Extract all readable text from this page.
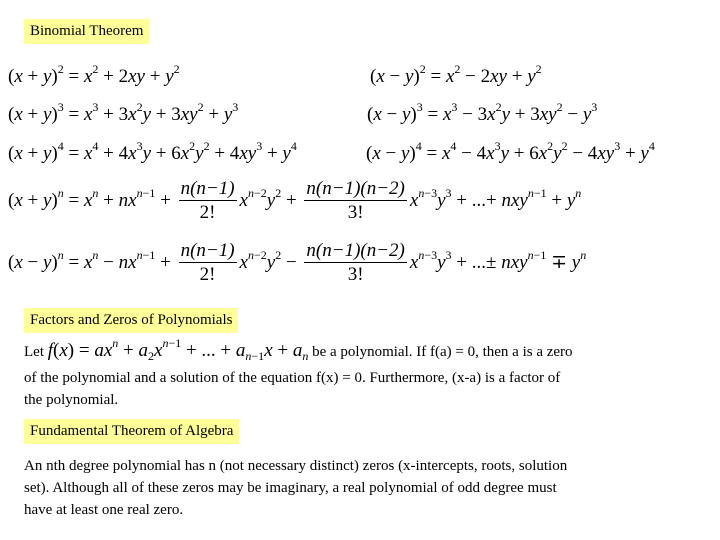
Binomial Theorem
$(x + y)^2 = x^2 + 2xy + y^2$	$(x - y)^2 = x^2 - 2xy + y^2$
$(x + y)^3 = x^3 + 3x^2y + 3xy^2 + y^3$	$(x - y)^3 = x^3 - 3x^2y + 3xy^2 - y^3$
$(x + y)^4 = x^4 + 4x^3y + 6x^2y^2 + 4xy^3 + y^4$	$(x - y)^4 = x^4 - 4x^3y + 6x^2y^2 - 4xy^3 + y^4$
$(x + y)^n = x^n + nx^{n-1} + \frac{n(n-1)}{2!} x^{n-2}y^2 + \frac{n(n-1)(n-2)}{3!} x^{n-3}y^3$ + ...+ $nxy^{n-1} + y^n$
$(x - y)^n = x^n - nx^{n-1} + \frac{n(n-1)}{2!} x^{n-2}y^2 - \frac{n(n-1)(n-2)}{3!} x^{n-3}y^3$ + ...± $nxy^{n-1} \mp y^n$
Factors and Zeros of Polynomials
Let $f(x) = ax^n + a_2x^{n-1}$ + ... + $a_{n-1}x + a_n$ be a polynomial. If f(a) = 0, then a is a zero
of the polynomial and a solution of the equation f(x) = 0. Furthermore, (x-a) is a factor of
the polynomial.
Fundamental Theorem of Algebra
An nth degree polynomial has n (not necessary distinct) zeros (x-intercepts, roots, solution
set). Although all of these zeros may be imaginary, a real polynomial of odd degree must
have at least one real zero.
